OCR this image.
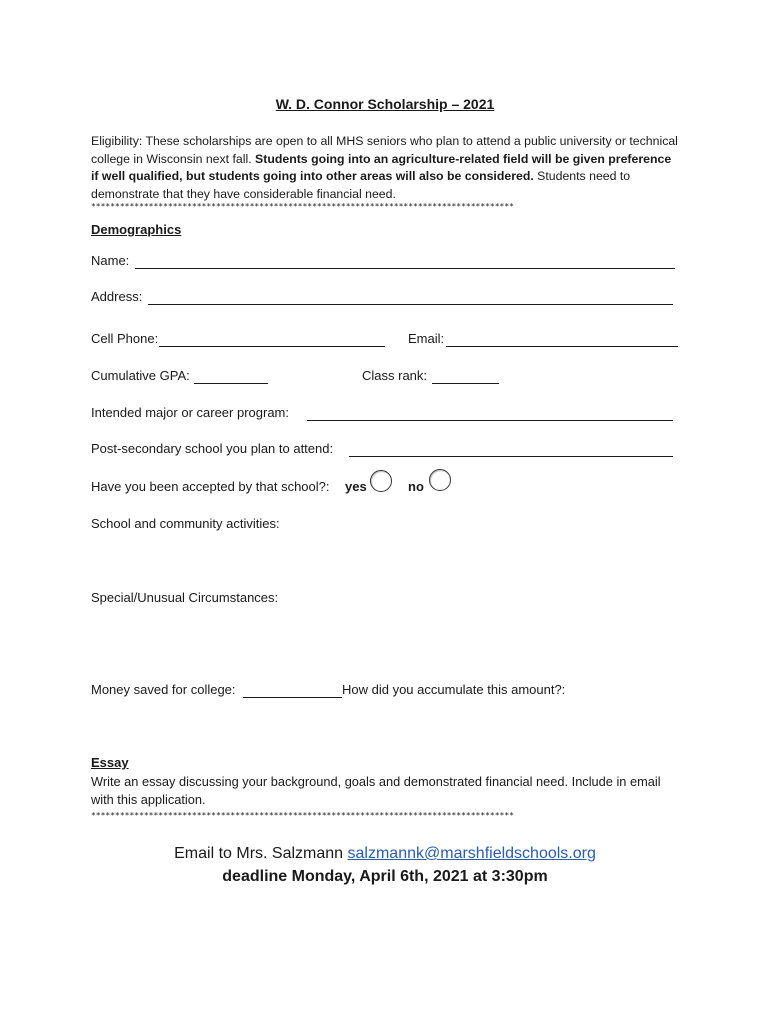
W. D. Connor Scholarship – 2021
Eligibility: These scholarships are open to all MHS seniors who plan to attend a public university or technical college in Wisconsin next fall. Students going into an agriculture-related field will be given preference if well qualified, but students going into other areas will also be considered. Students need to demonstrate that they have considerable financial need.
****************************************************************************************
Demographics
Name:
Address:
Cell Phone:	Email:
Cumulative GPA:	Class rank:
Intended major or career program:
Post-secondary school you plan to attend:
Have you been accepted by that school?: yes	no
School and community activities:
Special/Unusual Circumstances:
Money saved for college:	How did you accumulate this amount?:
Essay
Write an essay discussing your background, goals and demonstrated financial need. Include in email with this application.
****************************************************************************************
Email to Mrs. Salzmann salzmannk@marshfieldschools.org
deadline Monday, April 6th, 2021 at 3:30pm
